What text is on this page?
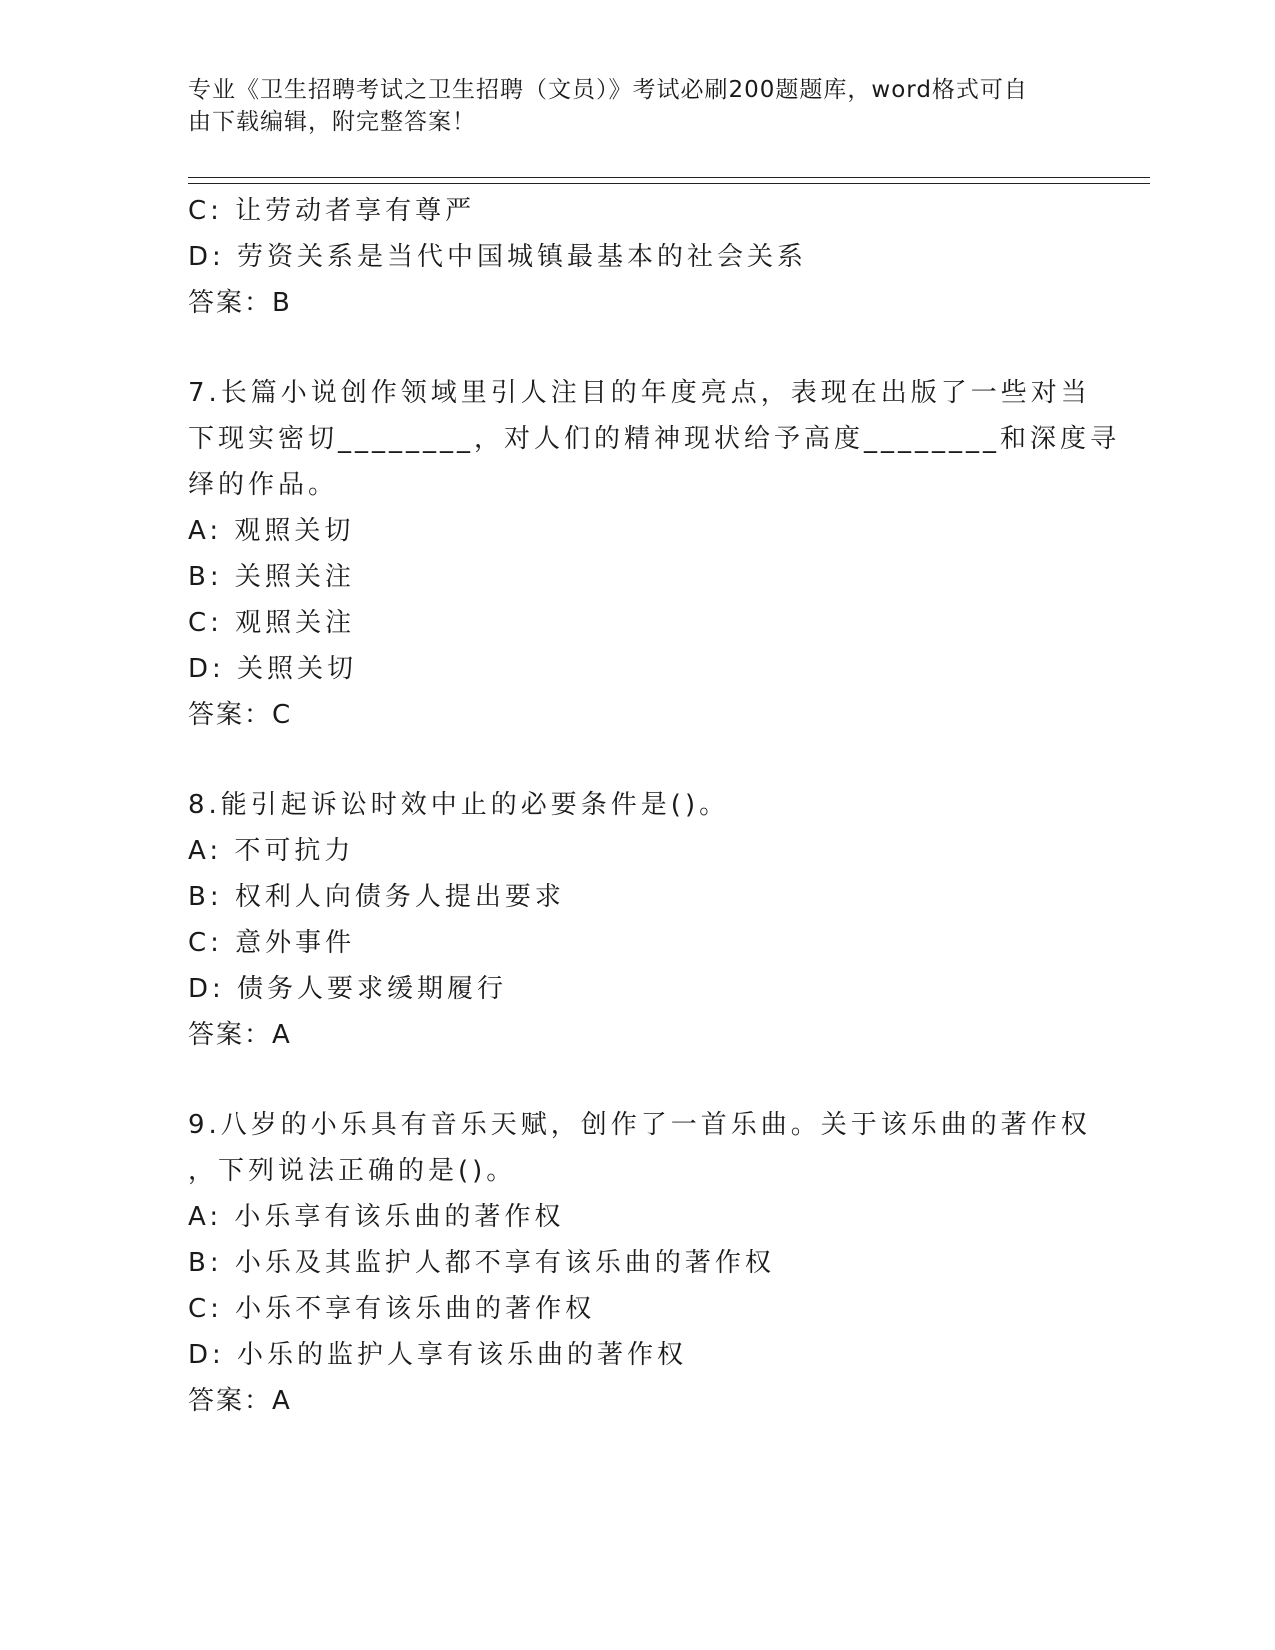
专业《卫生招聘考试之卫生招聘（文员）》考试必刷200题题库，word格式可自
由下载编辑，附完整答案！
C: 让劳动者享有尊严
D: 劳资关系是当代中国城镇最基本的社会关系
答案：B
7.长篇小说创作领域里引人注目的年度亮点，表现在出版了一些对当
下现实密切________，对人们的精神现状给予高度________和深度寻
绎的作品。
A: 观照关切
B: 关照关注
C: 观照关注
D: 关照关切
答案：C
8.能引起诉讼时效中止的必要条件是()。
A: 不可抗力
B: 权利人向债务人提出要求
C: 意外事件
D: 债务人要求缓期履行
答案：A
9.八岁的小乐具有音乐天赋，创作了一首乐曲。关于该乐曲的著作权
，下列说法正确的是()。
A: 小乐享有该乐曲的著作权
B: 小乐及其监护人都不享有该乐曲的著作权
C: 小乐不享有该乐曲的著作权
D: 小乐的监护人享有该乐曲的著作权
答案：A
